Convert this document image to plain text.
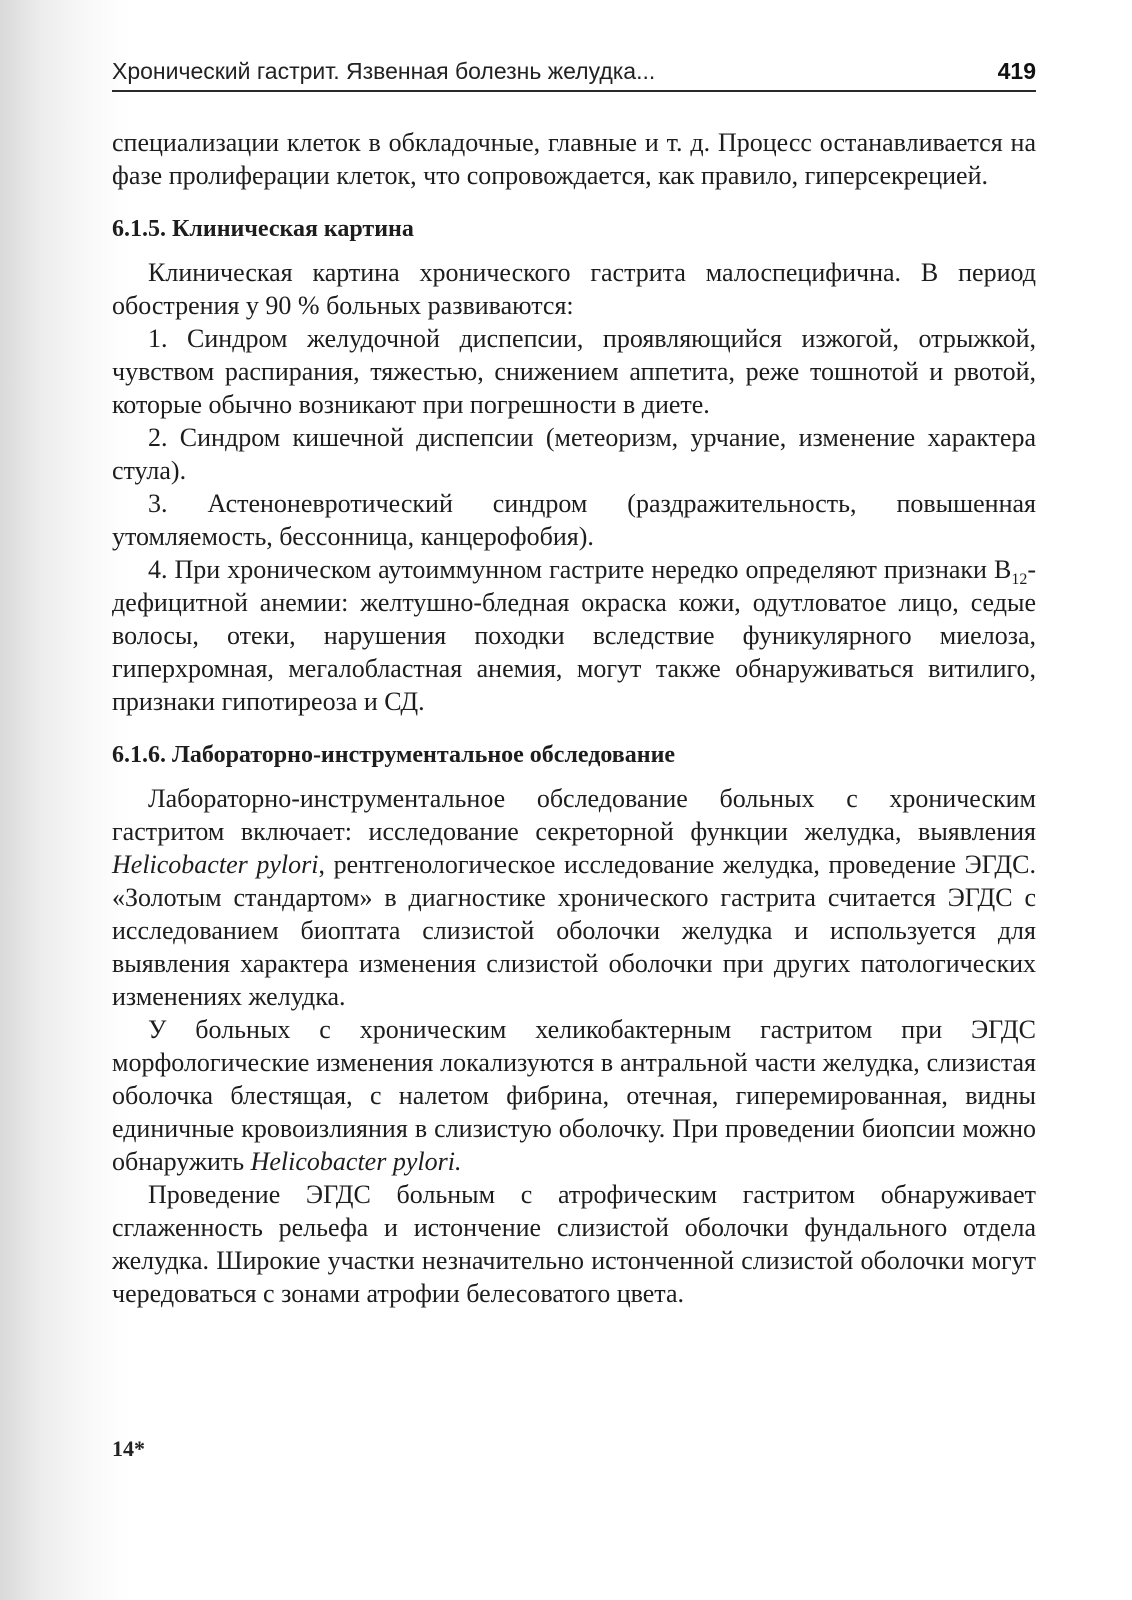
Хронический гастрит. Язвенная болезнь желудка...	419

специализации клеток в обкладочные, главные и т. д. Процесс останавливается на фазе пролиферации клеток, что сопровождается, как правило, гиперсекрецией.

6.1.5. Клиническая картина

Клиническая картина хронического гастрита малоспецифична. В период обострения у 90 % больных развиваются:

1. Синдром желудочной диспепсии, проявляющийся изжогой, отрыжкой, чувством распирания, тяжестью, снижением аппетита, реже тошнотой и рвотой, которые обычно возникают при погрешности в диете.

2. Синдром кишечной диспепсии (метеоризм, урчание, изменение характера стула).

3. Астеноневротический синдром (раздражительность, повышенная утомляемость, бессонница, канцерофобия).

4. При хроническом аутоиммунном гастрите нередко определяют признаки $B_{12}$-дефицитной анемии: желтушно-бледная окраска кожи, одутловатое лицо, седые волосы, отеки, нарушения походки вследствие фуникулярного миелоза, гиперхромная, мегалобластная анемия, могут также обнаруживаться витилиго, признаки гипотиреоза и СД.

6.1.6. Лабораторно-инструментальное обследование

Лабораторно-инструментальное обследование больных с хроническим гастритом включает: исследование секреторной функции желудка, выявления Helicobacter pylori, рентгенологическое исследование желудка, проведение ЭГДС. «Золотым стандартом» в диагностике хронического гастрита считается ЭГДС с исследованием биоптата слизистой оболочки желудка и используется для выявления характера изменения слизистой оболочки при других патологических изменениях желудка.

У больных с хроническим хеликобактерным гастритом при ЭГДС морфологические изменения локализуются в антральной части желудка, слизистая оболочка блестящая, с налетом фибрина, отечная, гиперемированная, видны единичные кровоизлияния в слизистую оболочку. При проведении биопсии можно обнаружить Helicobacter pylori.

Проведение ЭГДС больным с атрофическим гастритом обнаруживает сглаженность рельефа и истончение слизистой оболочки фундального отдела желудка. Широкие участки незначительно истонченной слизистой оболочки могут чередоваться с зонами атрофии белесоватого цвета.

14*
